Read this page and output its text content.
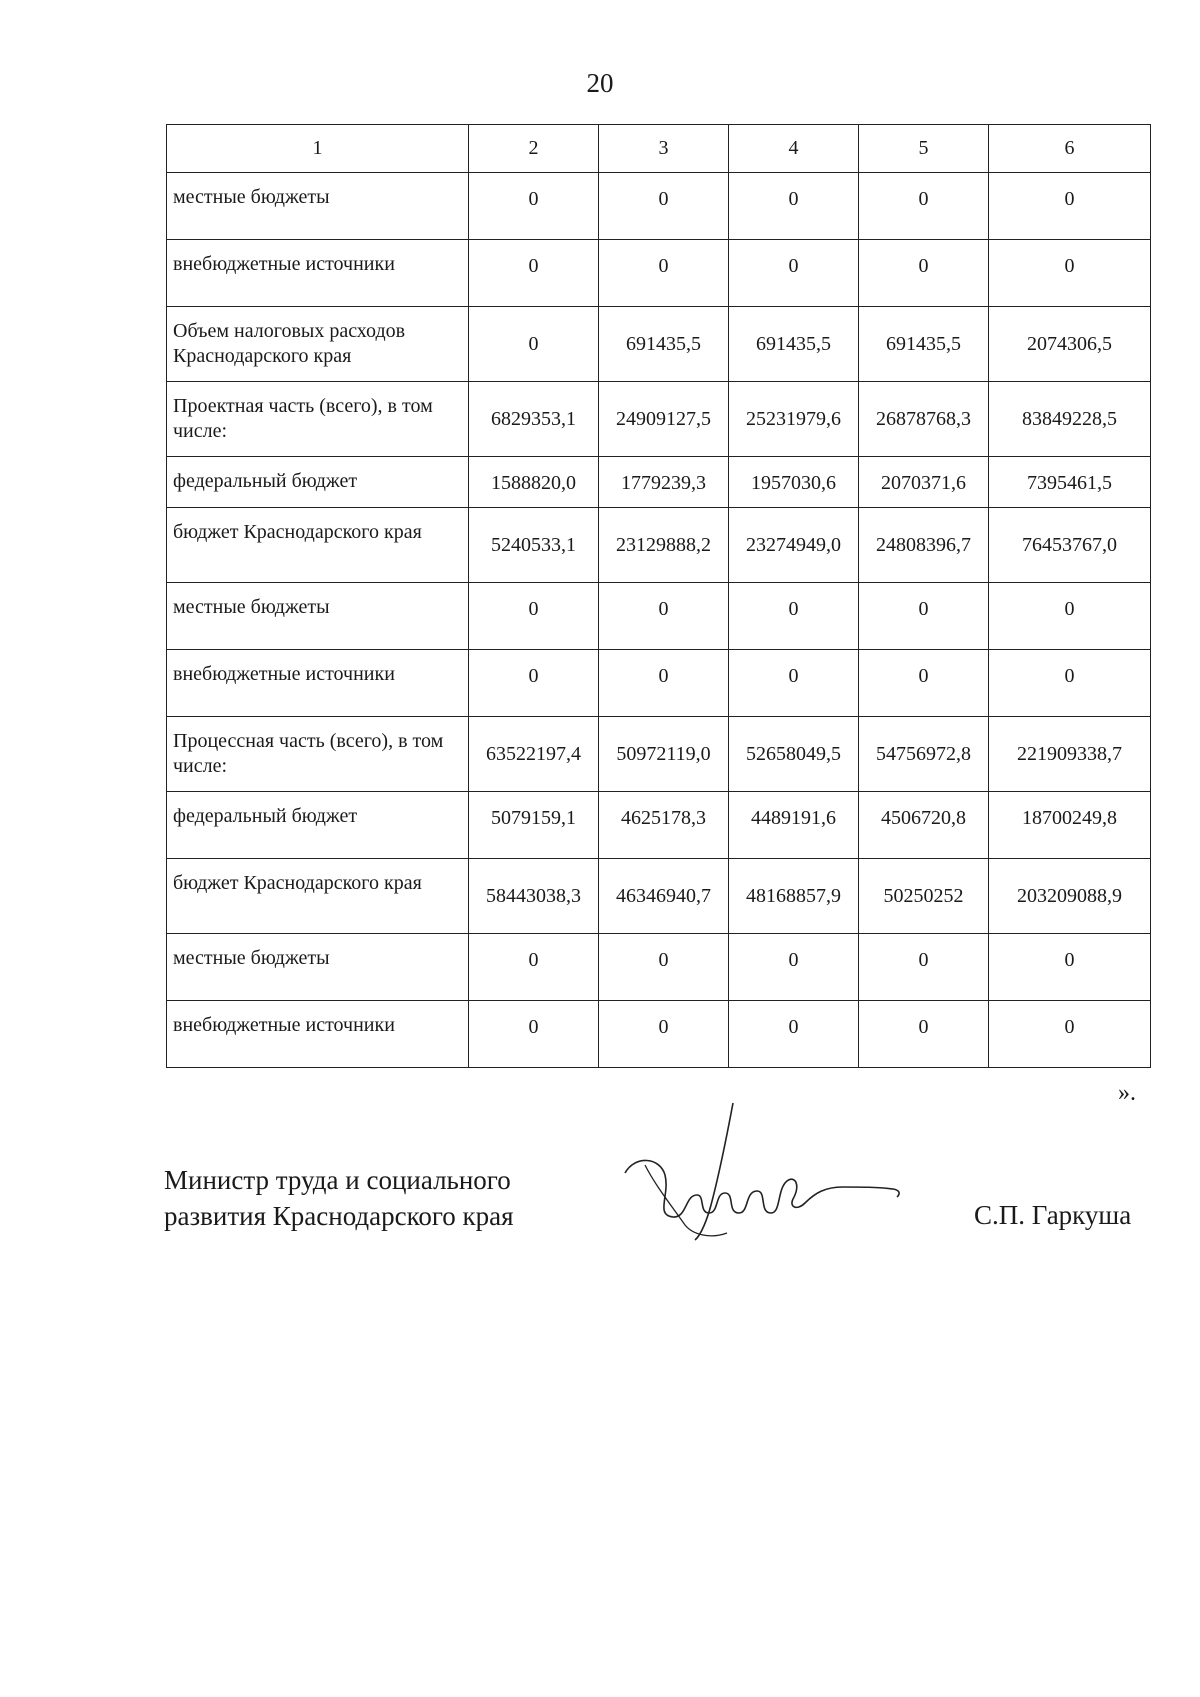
20
1	2	3	4	5	6
местные бюджеты	0	0	0	0	0
внебюджетные источники	0	0	0	0	0
Объем налоговых расходов Краснодарского края	0	691435,5	691435,5	691435,5	2074306,5
Проектная часть (всего), в том числе:	6829353,1	24909127,5	25231979,6	26878768,3	83849228,5
федеральный бюджет	1588820,0	1779239,3	1957030,6	2070371,6	7395461,5
бюджет Краснодарского края	5240533,1	23129888,2	23274949,0	24808396,7	76453767,0
местные бюджеты	0	0	0	0	0
внебюджетные источники	0	0	0	0	0
Процессная часть (всего), в том числе:	63522197,4	50972119,0	52658049,5	54756972,8	221909338,7
федеральный бюджет	5079159,1	4625178,3	4489191,6	4506720,8	18700249,8
бюджет Краснодарского края	58443038,3	46346940,7	48168857,9	50250252	203209088,9
местные бюджеты	0	0	0	0	0
внебюджетные источники	0	0	0	0	0
».
Министр труда и социального
развития Краснодарского края	С.П. Гаркуша
